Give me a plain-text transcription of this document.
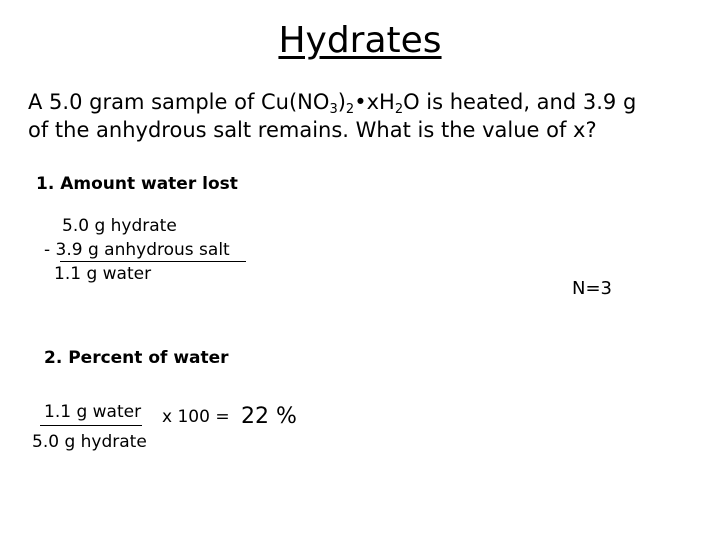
Hydrates
A 5.0 gram sample of $Cu(NO_3)_2•xH_2O$ is heated, and 3.9 g
of the anhydrous salt remains. What is the value of x?
1. Amount water lost
5.0 g hydrate
- 3.9 g anhydrous salt
1.1 g water
N=3
2. Percent of water
1.1 g water
5.0 g hydrate
x 100 = 22 %
